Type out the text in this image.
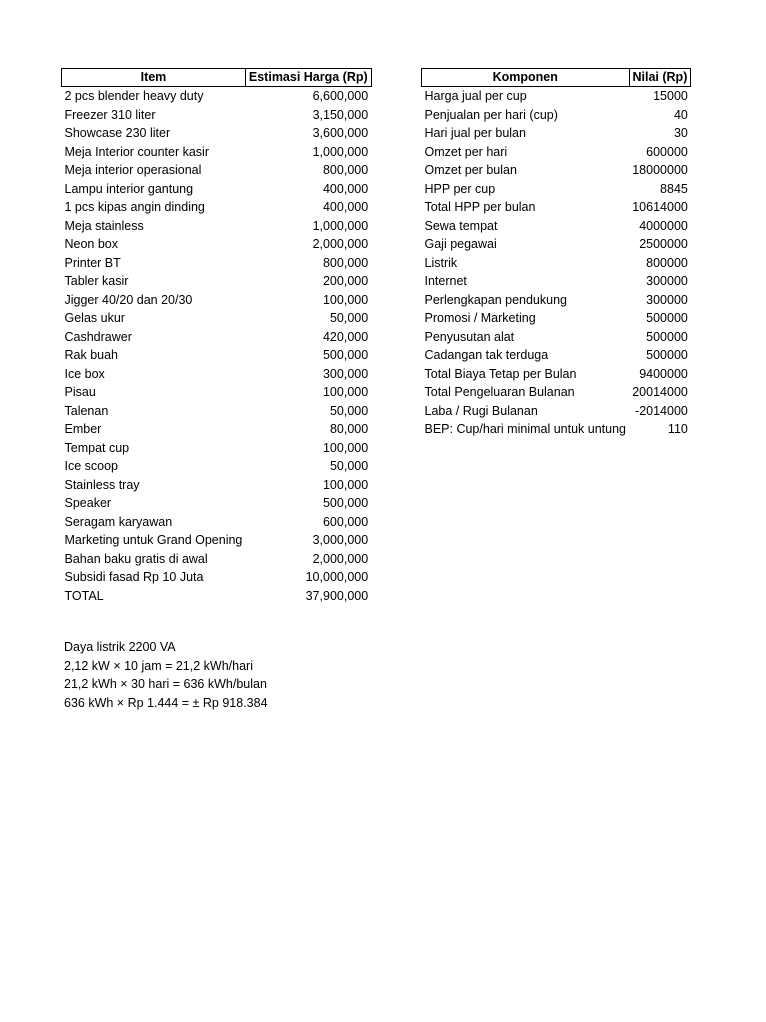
Item	Estimasi Harga (Rp)
2 pcs blender heavy duty	6,600,000
Freezer 310 liter	3,150,000
Showcase 230 liter	3,600,000
Meja Interior counter kasir	1,000,000
Meja interior operasional	800,000
Lampu interior gantung	400,000
1 pcs kipas angin dinding	400,000
Meja stainless	1,000,000
Neon box	2,000,000
Printer BT	800,000
Tabler kasir	200,000
Jigger 40/20 dan 20/30	100,000
Gelas ukur	50,000
Cashdrawer	420,000
Rak buah	500,000
Ice box	300,000
Pisau	100,000
Talenan	50,000
Ember	80,000
Tempat cup	100,000
Ice scoop	50,000
Stainless tray	100,000
Speaker	500,000
Seragam karyawan	600,000
Marketing untuk Grand Opening	3,000,000
Bahan baku gratis di awal	2,000,000
Subsidi fasad Rp 10 Juta	10,000,000
TOTAL	37,900,000
Komponen	Nilai (Rp)
Harga jual per cup	15000
Penjualan per hari (cup)	40
Hari jual per bulan	30
Omzet per hari	600000
Omzet per bulan	18000000
HPP per cup	8845
Total HPP per bulan	10614000
Sewa tempat	4000000
Gaji pegawai	2500000
Listrik	800000
Internet	300000
Perlengkapan pendukung	300000
Promosi / Marketing	500000
Penyusutan alat	500000
Cadangan tak terduga	500000
Total Biaya Tetap per Bulan	9400000
Total Pengeluaran Bulanan	20014000
Laba / Rugi Bulanan	-2014000
BEP: Cup/hari minimal untuk untung	110
Daya listrik 2200 VA
2,12 kW × 10 jam = 21,2 kWh/hari
21,2 kWh × 30 hari = 636 kWh/bulan
636 kWh × Rp 1.444 = ± Rp 918.384
